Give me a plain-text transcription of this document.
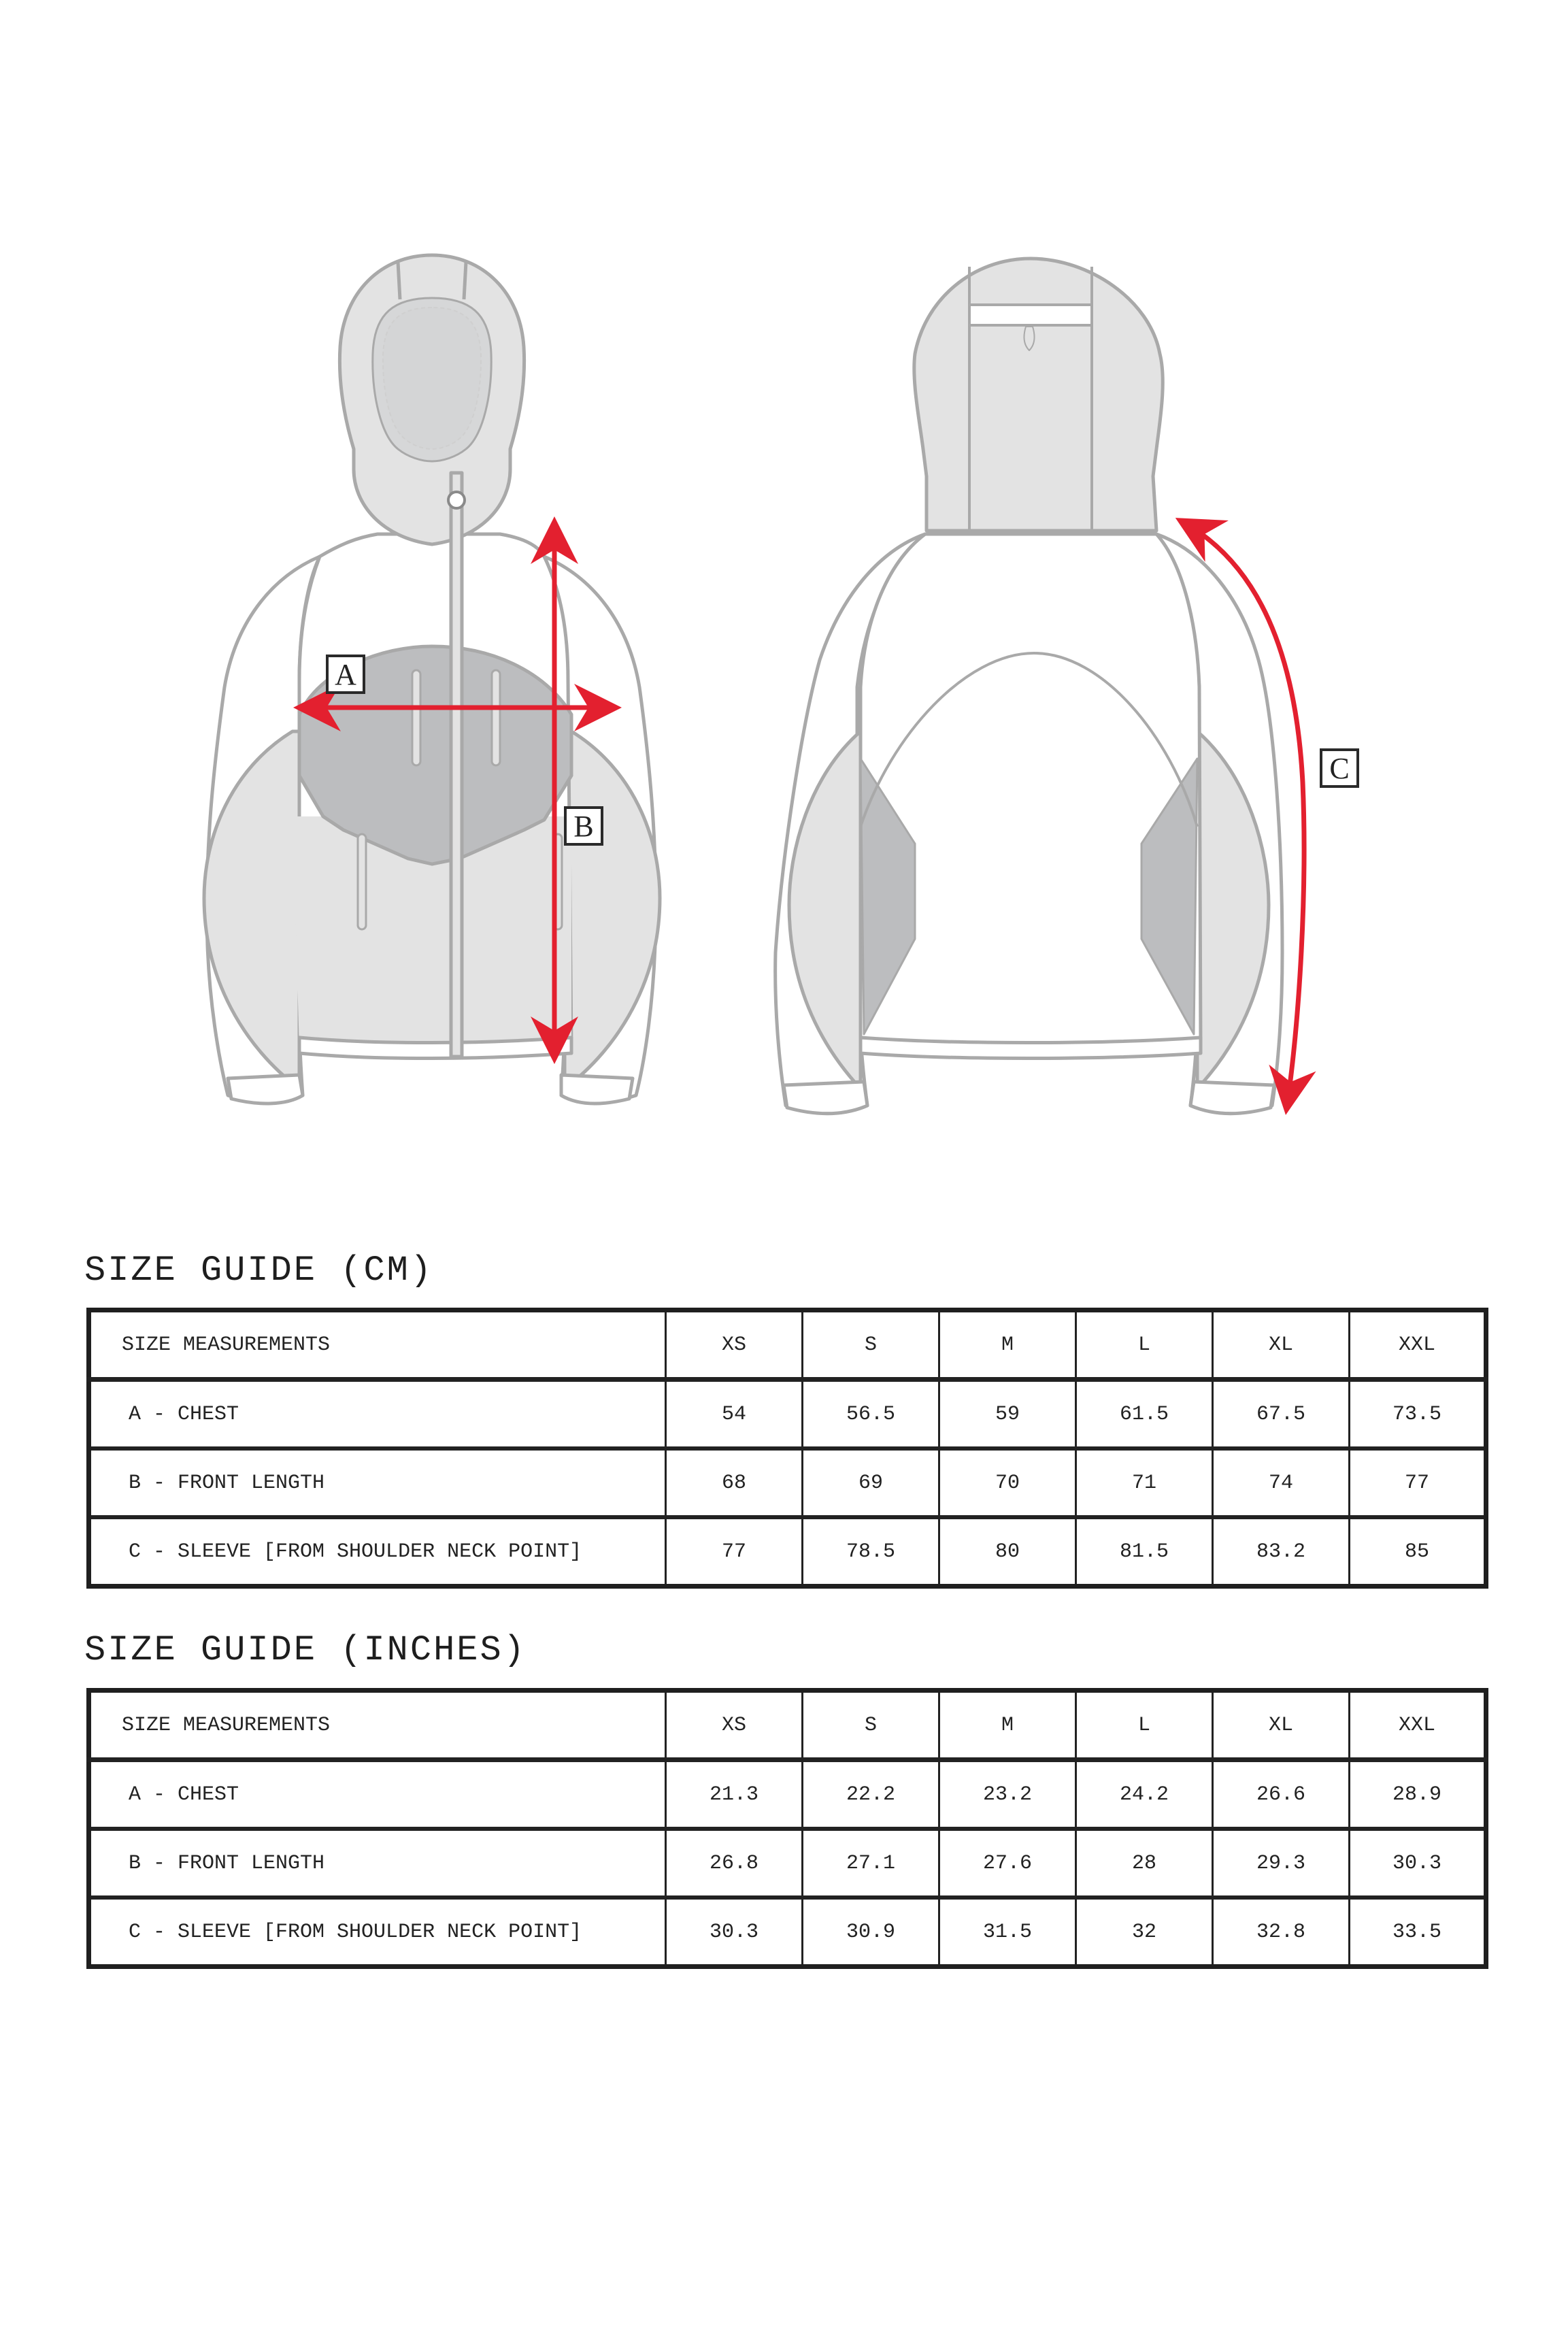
A
B
C
SIZE GUIDE (CM)
SIZE MEASUREMENTS	XS	S	M	L	XL	XXL
A - CHEST	54	56.5	59	61.5	67.5	73.5
B - FRONT LENGTH	68	69	70	71	74	77
C - SLEEVE [FROM SHOULDER NECK POINT]	77	78.5	80	81.5	83.2	85
SIZE GUIDE (INCHES)
SIZE MEASUREMENTS	XS	S	M	L	XL	XXL
A - CHEST	21.3	22.2	23.2	24.2	26.6	28.9
B - FRONT LENGTH	26.8	27.1	27.6	28	29.3	30.3
C - SLEEVE [FROM SHOULDER NECK POINT]	30.3	30.9	31.5	32	32.8	33.5
